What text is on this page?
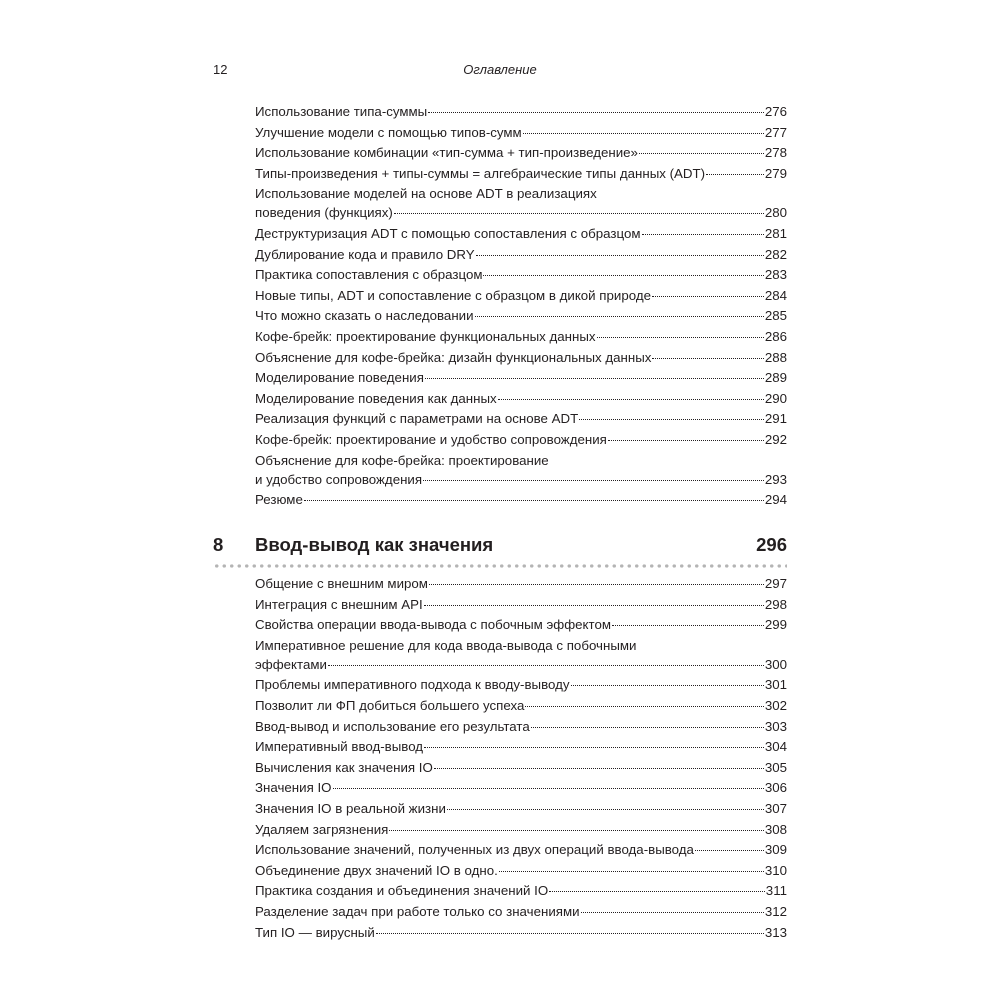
12	Оглавление
Использование типа-суммы	276
Улучшение модели с помощью типов-сумм	277
Использование комбинации «тип-сумма + тип-произведение»	278
Типы-произведения + типы-суммы = алгебраические типы данных (ADT)	279
Использование моделей на основе ADT в реализациях
поведения (функциях)	280
Деструктуризация ADT с помощью сопоставления с образцом	281
Дублирование кода и правило DRY	282
Практика сопоставления с образцом	283
Новые типы, ADT и сопоставление с образцом в дикой природе	284
Что можно сказать о наследовании	285
Кофе-брейк: проектирование функциональных данных	286
Объяснение для кофе-брейка: дизайн функциональных данных	288
Моделирование поведения	289
Моделирование поведения как данных	290
Реализация функций с параметрами на основе ADT	291
Кофе-брейк: проектирование и удобство сопровождения	292
Объяснение для кофе-брейка: проектирование
и удобство сопровождения	293
Резюме	294
8 Ввод-вывод как значения	296
Общение с внешним миром	297
Интеграция с внешним API	298
Свойства операции ввода-вывода с побочным эффектом	299
Императивное решение для кода ввода-вывода с побочными
эффектами	300
Проблемы императивного подхода к вводу-выводу	301
Позволит ли ФП добиться большего успеха	302
Ввод-вывод и использование его результата	303
Императивный ввод-вывод	304
Вычисления как значения IO	305
Значения IO	306
Значения IO в реальной жизни	307
Удаляем загрязнения	308
Использование значений, полученных из двух операций ввода-вывода	309
Объединение двух значений IO в одно.	310
Практика создания и объединения значений IO	311
Разделение задач при работе только со значениями	312
Тип IO — вирусный	313
